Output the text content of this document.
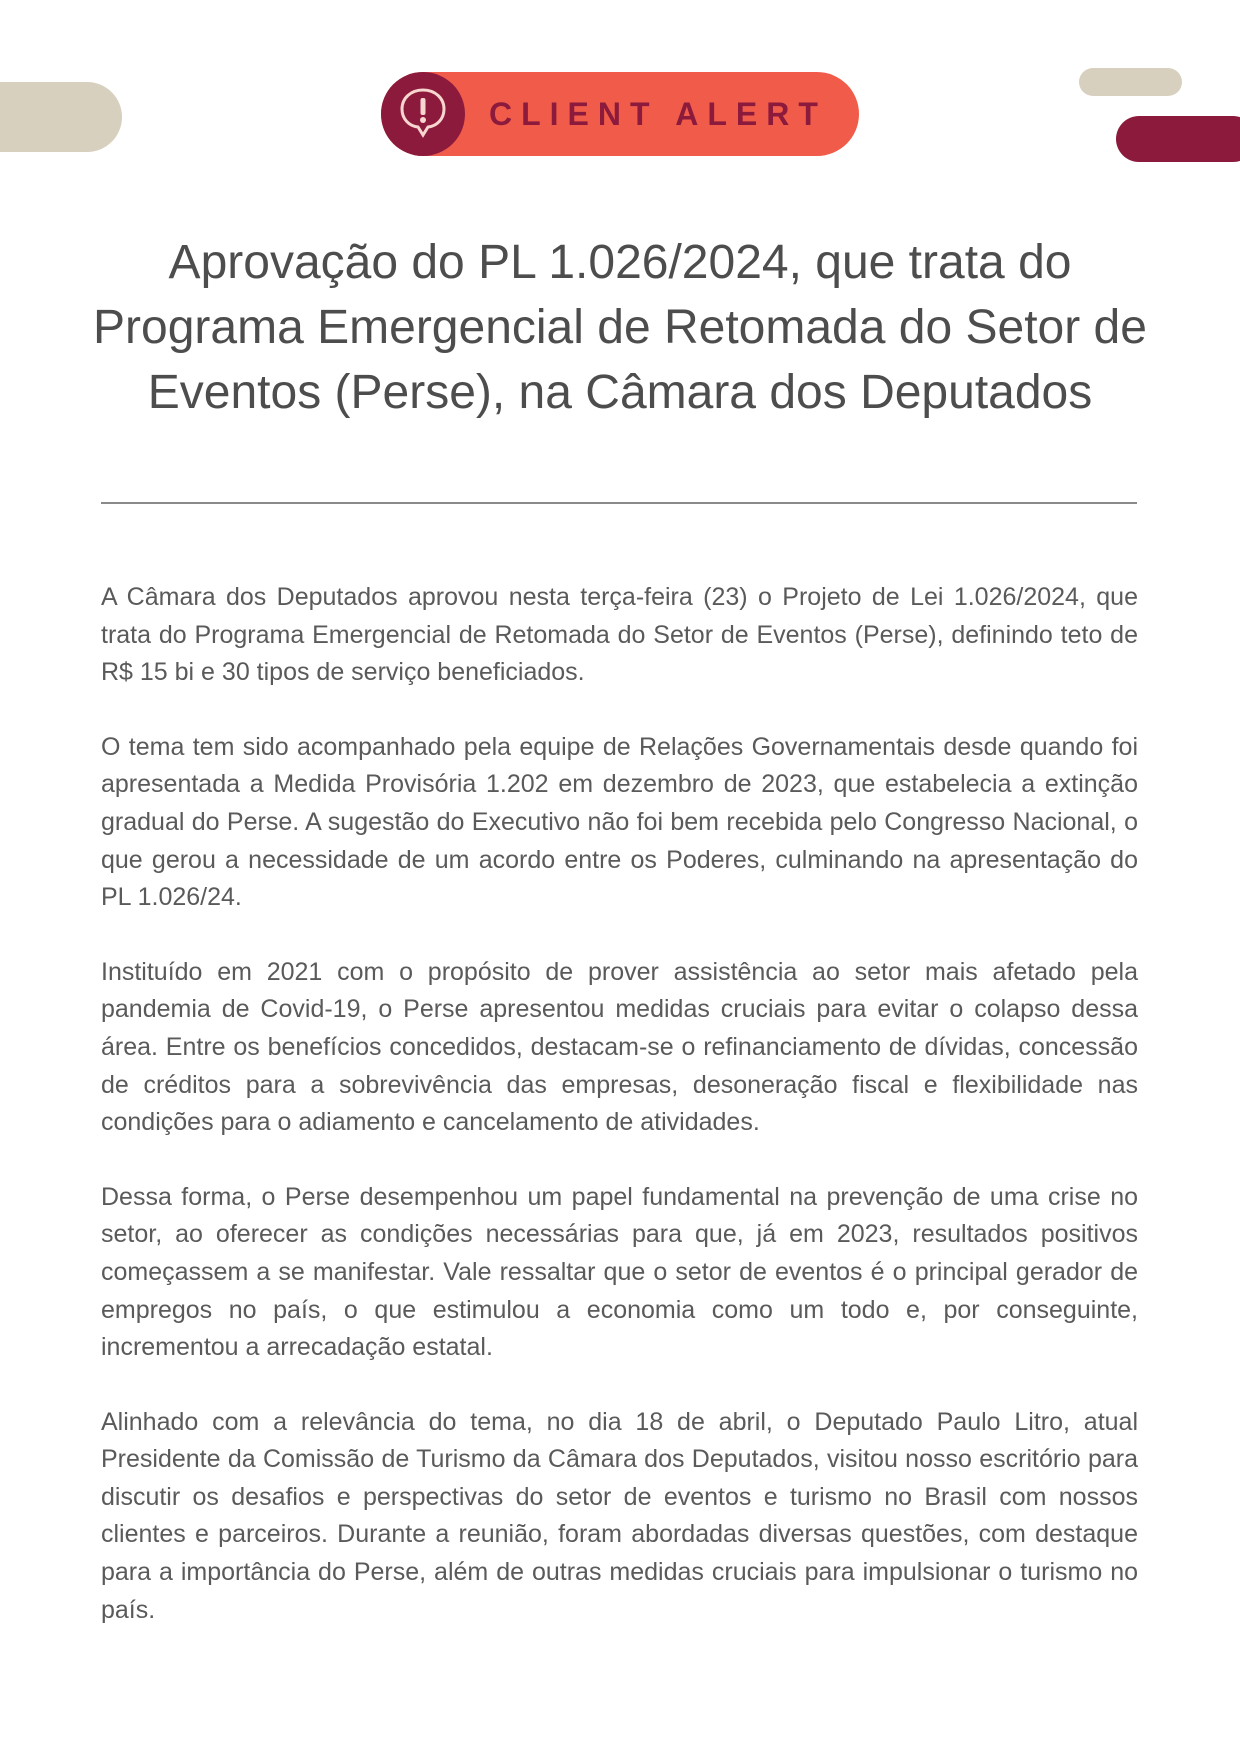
CLIENT ALERT
Aprovação do PL 1.026/2024, que trata do Programa Emergencial de Retomada do Setor de Eventos (Perse), na Câmara dos Deputados

A Câmara dos Deputados aprovou nesta terça-feira (23) o Projeto de Lei 1.026/2024, que trata do Programa Emergencial de Retomada do Setor de Eventos (Perse), definindo teto de R$ 15 bi e 30 tipos de serviço beneficiados.

O tema tem sido acompanhado pela equipe de Relações Governamentais desde quando foi apresentada a Medida Provisória 1.202 em dezembro de 2023, que estabelecia a extinção gradual do Perse. A sugestão do Executivo não foi bem recebida pelo Congresso Nacional, o que gerou a necessidade de um acordo entre os Poderes, culminando na apresentação do PL 1.026/24.

Instituído em 2021 com o propósito de prover assistência ao setor mais afetado pela pandemia de Covid-19, o Perse apresentou medidas cruciais para evitar o colapso dessa área. Entre os benefícios concedidos, destacam-se o refinanciamento de dívidas, concessão de créditos para a sobrevivência das empresas, desoneração fiscal e flexibilidade nas condições para o adiamento e cancelamento de atividades.

Dessa forma, o Perse desempenhou um papel fundamental na prevenção de uma crise no setor, ao oferecer as condições necessárias para que, já em 2023, resultados positivos começassem a se manifestar. Vale ressaltar que o setor de eventos é o principal gerador de empregos no país, o que estimulou a economia como um todo e, por conseguinte, incrementou a arrecadação estatal.

Alinhado com a relevância do tema, no dia 18 de abril, o Deputado Paulo Litro, atual Presidente da Comissão de Turismo da Câmara dos Deputados, visitou nosso escritório para discutir os desafios e perspectivas do setor de eventos e turismo no Brasil com nossos clientes e parceiros. Durante a reunião, foram abordadas diversas questões, com destaque para a importância do Perse, além de outras medidas cruciais para impulsionar o turismo no país.
